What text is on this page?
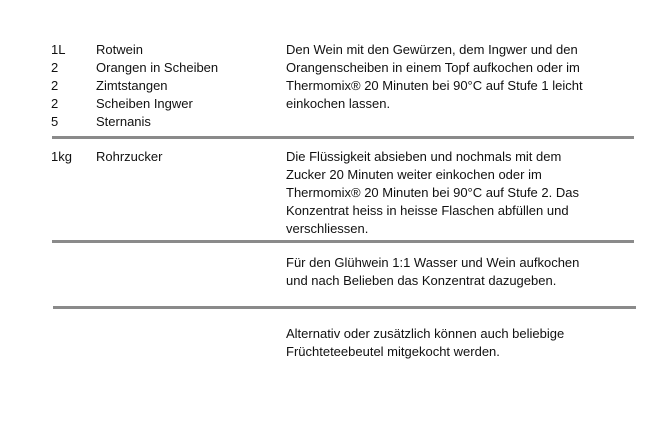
1L
2
2
2
5
Rotwein
Orangen in Scheiben
Zimtstangen
Scheiben Ingwer
Sternanis
Den Wein mit den Gewürzen, dem Ingwer und den
Orangenscheiben in einem Topf aufkochen oder im
Thermomix® 20 Minuten bei 90°C auf Stufe 1 leicht
einkochen lassen.
1kg	Rohrzucker	Die Flüssigkeit absieben und nochmals mit dem
Zucker 20 Minuten weiter einkochen oder im
Thermomix® 20 Minuten bei 90°C auf Stufe 2. Das
Konzentrat heiss in heisse Flaschen abfüllen und
verschliessen.
Für den Glühwein 1:1 Wasser und Wein aufkochen
und nach Belieben das Konzentrat dazugeben.
Alternativ oder zusätzlich können auch beliebige
Früchteteebeutel mitgekocht werden.
